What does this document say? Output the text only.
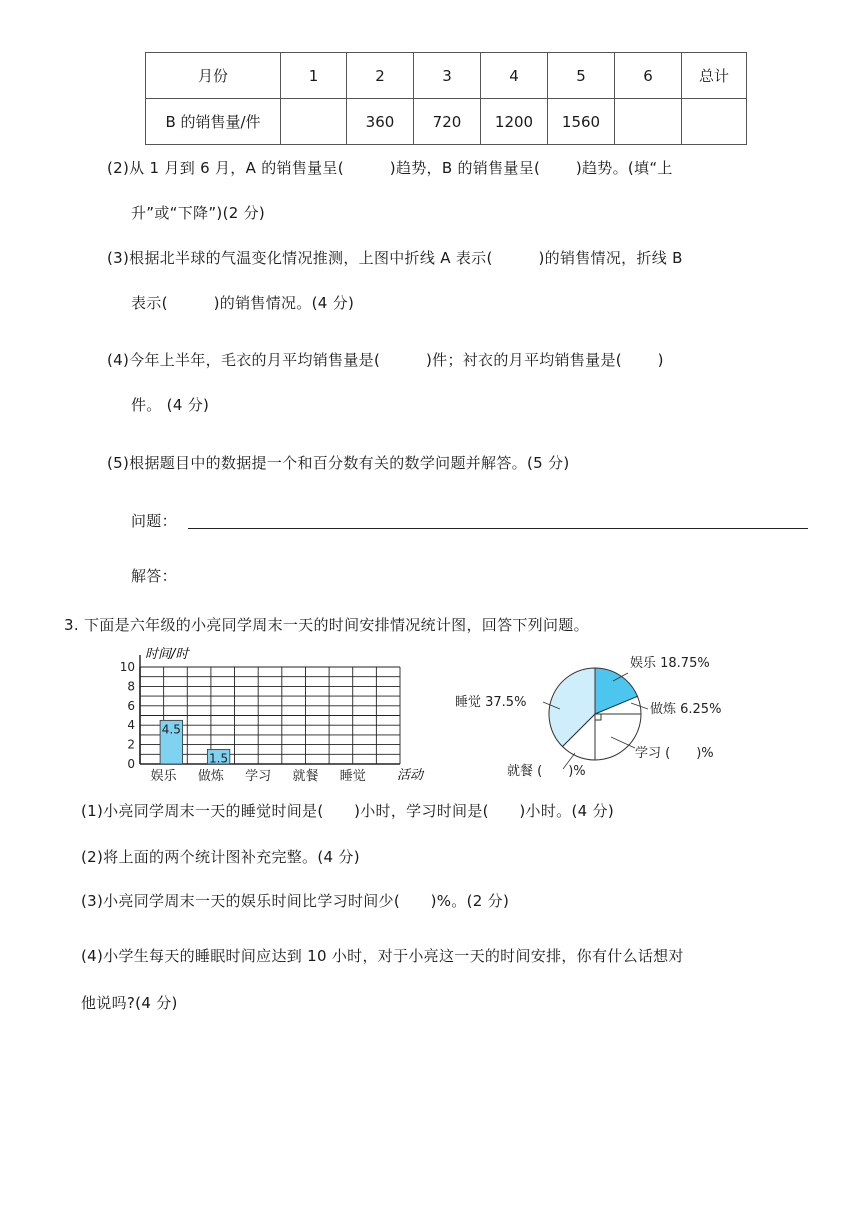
月份	1	2	3	4	5	6	总计
B 的销售量/件		360	720	1200	1560		
(2)从 1 月到 6 月，A 的销售量呈(　　　)趋势，B 的销售量呈(　　 )趋势。(填“上
升”或“下降”)(2 分)
(3)根据北半球的气温变化情况推测，上图中折线 A 表示(　　　)的销售情况，折线 B
表示(　　　)的销售情况。(4 分)
(4)今年上半年，毛衣的月平均销售量是(　　　)件；衬衣的月平均销售量是(　　 )
件。 (4 分)
(5)根据题目中的数据提一个和百分数有关的数学问题并解答。(5 分)
问题：
解答：
3. 下面是六年级的小亮同学周末一天的时间安排情况统计图，回答下列问题。
0
2
4
6
8
10
4.5
1.5
娱乐 做炼 学习 就餐 睡觉
时间/时
活动
娱乐 18.75%
做炼 6.25%
学习 (　　)%
就餐 (　　)%
睡觉 37.5%
(1)小亮同学周末一天的睡觉时间是(　　)小时，学习时间是(　　)小时。(4 分)
(2)将上面的两个统计图补充完整。(4 分)
(3)小亮同学周末一天的娱乐时间比学习时间少(　　)%。(2 分)
(4)小学生每天的睡眠时间应达到 10 小时，对于小亮这一天的时间安排，你有什么话想对
他说吗?(4 分)
